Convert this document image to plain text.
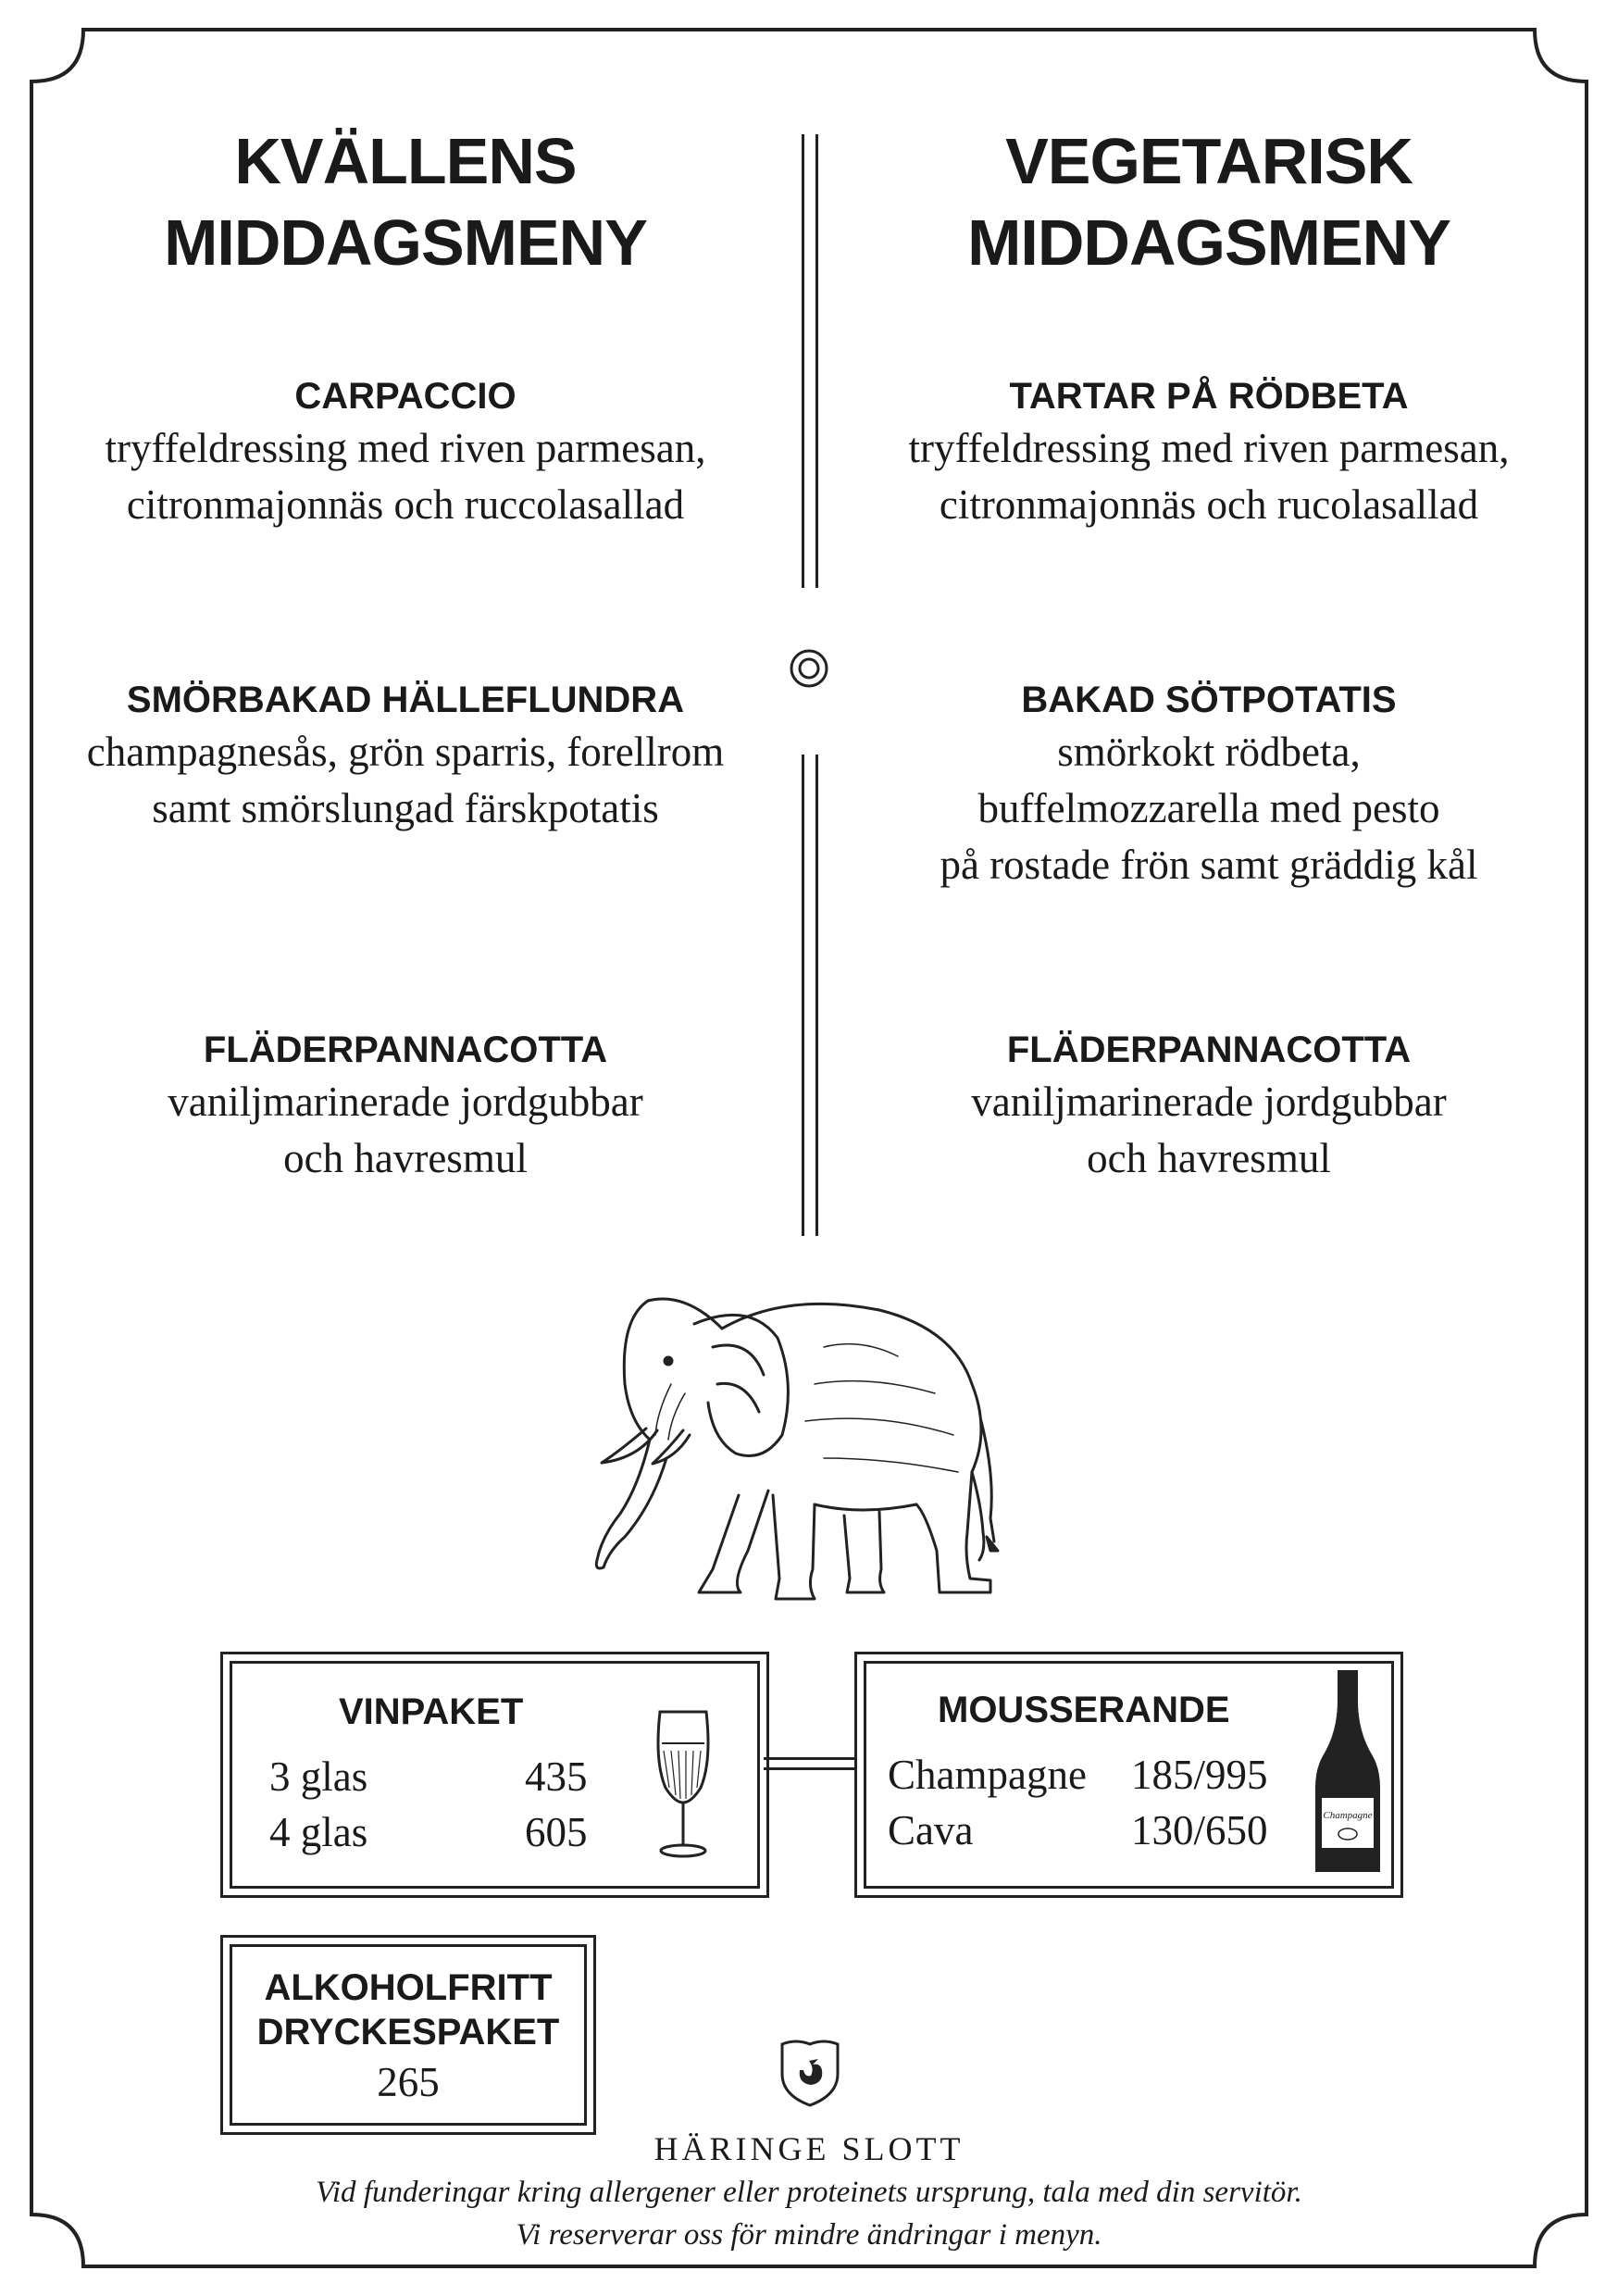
KVÄLLENS
MIDDAGSMENY

CARPACCIO

tryffeldressing med riven parmesan,

citronmajonnäs och ruccolasallad

SMÖRBAKAD HÄLLEFLUNDRA

champagnesås, grön sparris, forellrom

samt smörslungad färskpotatis

FLÄDERPANNACOTTA

vaniljmarinerade jordgubbar

och havresmul

VEGETARISK
MIDDAGSMENY

TARTAR PÅ RÖDBETA

tryffeldressing med riven parmesan,

citronmajonnäs och rucolasallad

BAKAD SÖTPOTATIS

smörkokt rödbeta,

buffelmozzarella med pesto

på rostade frön samt gräddig kål

FLÄDERPANNACOTTA

vaniljmarinerade jordgubbar

och havresmul

VINPAKET

3 glas	435
4 glas	605

MOUSSERANDE

Champagne 185/995
Cava	130/650	Champagne

ALKOHOLFRITT

DRYCKESPAKET

265

HÄRINGE SLOTT
Vid funderingar kring allergener eller proteinets ursprung, tala med din servitör.
Vi reserverar oss för mindre ändringar i menyn.
